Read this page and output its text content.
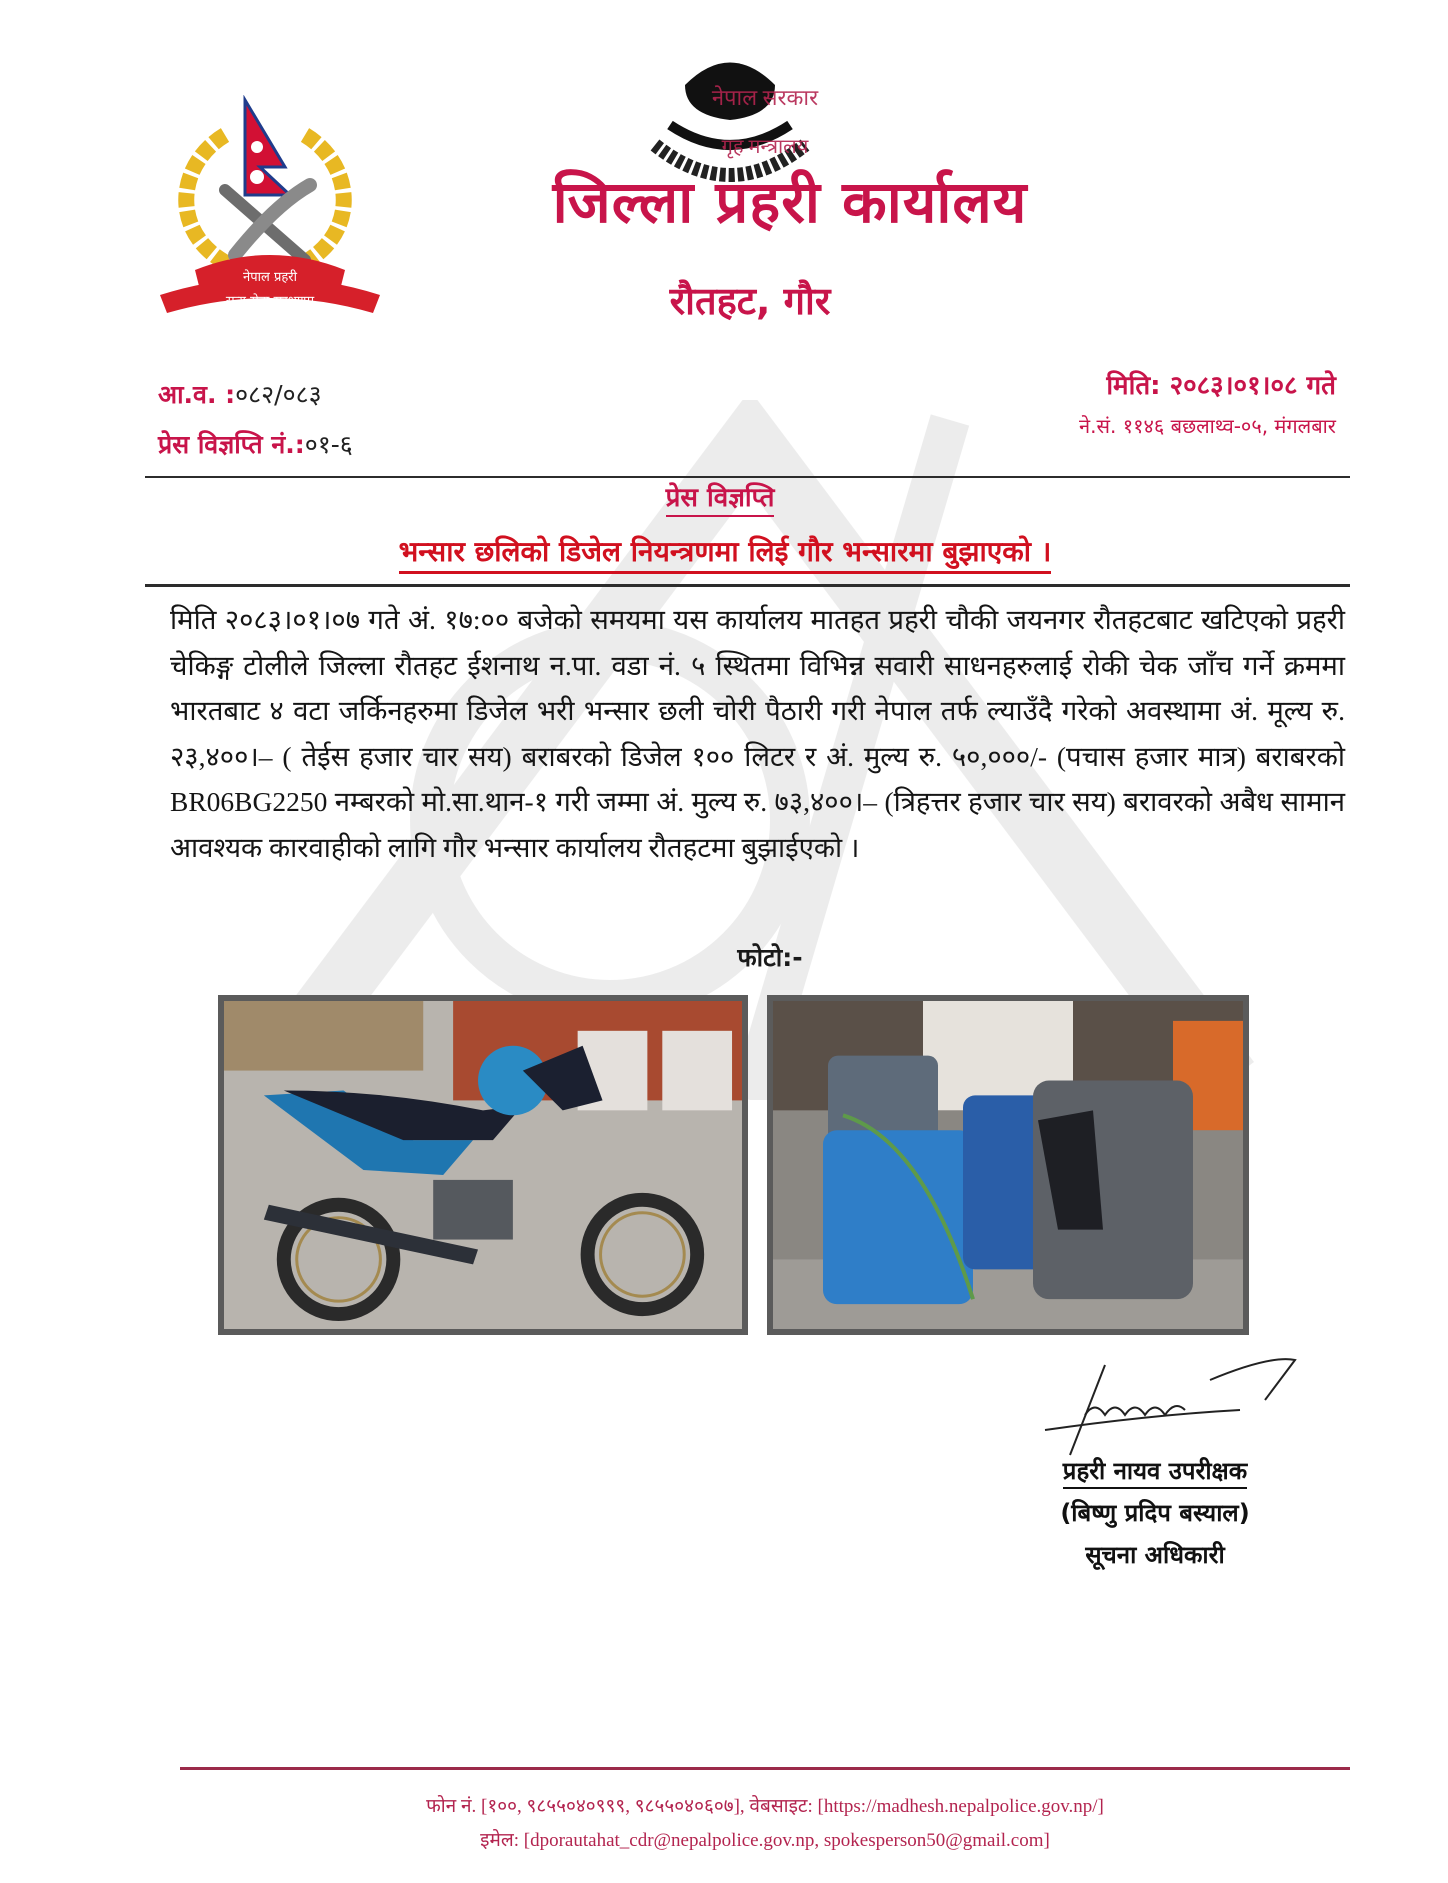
नेपाल प्रहरी
सत्य सेवा सुरक्षणम
नेपाल सरकार
गृह मन्त्रालय
जिल्ला प्रहरी कार्यालय
रौतहट, गौर
आ.व. :०८२/०८३
प्रेस विज्ञप्ति नं.:०१-६
मिति: २०८३।०१।०८ गते
ने.सं. ११४६ बछलाथ्व-०५, मंगलबार
प्रेस विज्ञप्ति
भन्सार छलिको डिजेल नियन्त्रणमा लिई गौर भन्सारमा बुझाएको ।
मिति २०८३।०१।०७ गते अं. १७:०० बजेको समयमा यस कार्यालय मातहत प्रहरी चौकी जयनगर रौतहटबाट खटिएको प्रहरी चेकिङ्ग टोलीले जिल्ला रौतहट ईशनाथ न.पा. वडा नं. ५ स्थितमा विभिन्न सवारी साधनहरुलाई रोकी चेक जाँच गर्ने क्रममा भारतबाट ४ वटा जर्किनहरुमा डिजेल भरी भन्सार छली चोरी पैठारी गरी नेपाल तर्फ ल्याउँदै गरेको अवस्थामा अं. मूल्य रु. २३,४००।– ( तेईस हजार चार सय) बराबरको डिजेल १०० लिटर र अं. मुल्य रु. ५०,०००/- (पचास हजार मात्र) बराबरको BR06BG2250 नम्बरको मो.सा.थान-१ गरी जम्मा अं. मुल्य रु. ७३,४००।– (त्रिहत्तर हजार चार सय) बरावरको अबैध सामान आवश्यक कारवाहीको लागि गौर भन्सार कार्यालय रौतहटमा बुझाईएको ।
फोटो:-
प्रहरी नायव उपरीक्षक
(बिष्णु प्रदिप बस्याल)
सूचना अधिकारी
फोन नं. [१००, ९८५५०४०९९९, ९८५५०४०६०७], वेबसाइट: [https://madhesh.nepalpolice.gov.np/]
इमेल: [dporautahat_cdr@nepalpolice.gov.np, spokesperson50@gmail.com]
